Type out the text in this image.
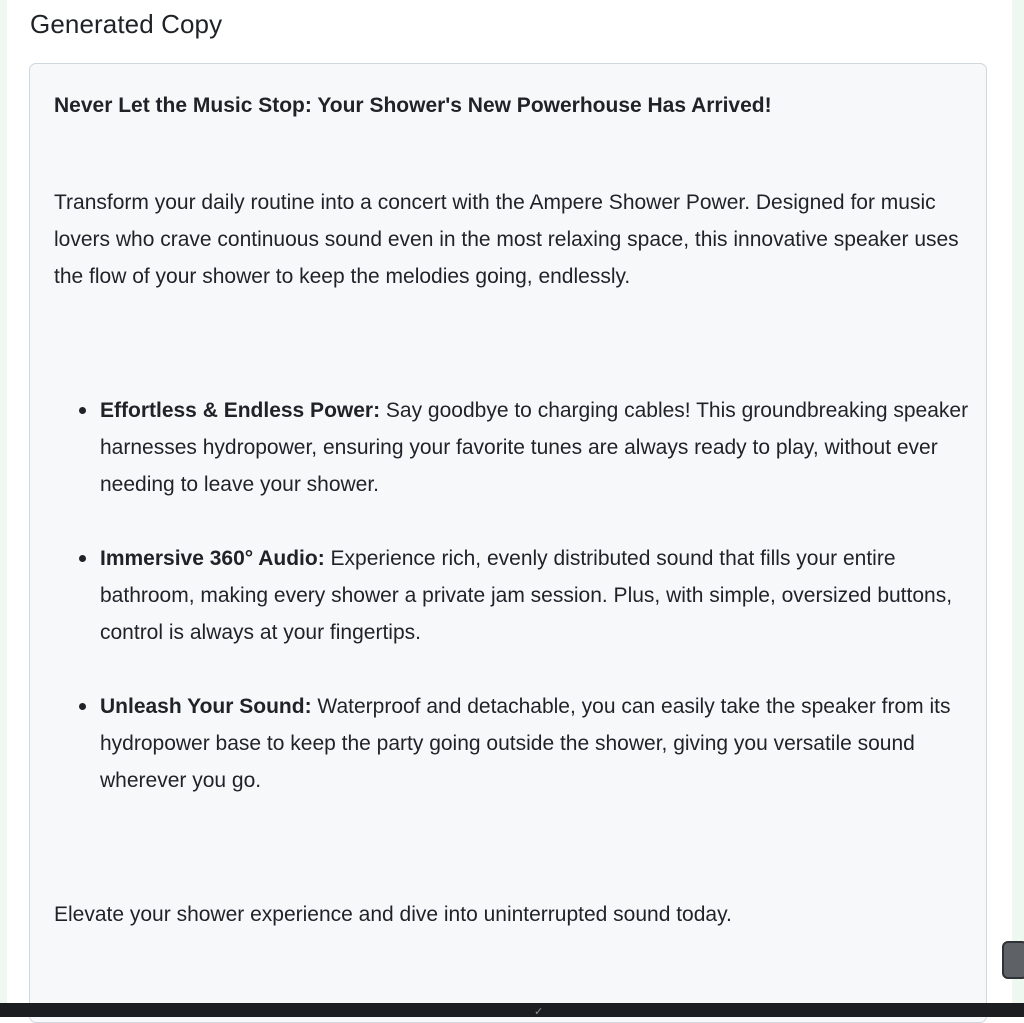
Generated Copy

Never Let the Music Stop: Your Shower's New Powerhouse Has Arrived!

Transform your daily routine into a concert with the Ampere Shower Power. Designed for music lovers who crave continuous sound even in the most relaxing space, this innovative speaker uses the flow of your shower to keep the melodies going, endlessly.

Effortless & Endless Power: Say goodbye to charging cables! This groundbreaking speaker harnesses hydropower, ensuring your favorite tunes are always ready to play, without ever needing to leave your shower.
Immersive 360° Audio: Experience rich, evenly distributed sound that fills your entire bathroom, making every shower a private jam session. Plus, with simple, oversized buttons, control is always at your fingertips.
Unleash Your Sound: Waterproof and detachable, you can easily take the speaker from its hydropower base to keep the party going outside the shower, giving you versatile sound wherever you go.

Elevate your shower experience and dive into uninterrupted sound today.

✓
